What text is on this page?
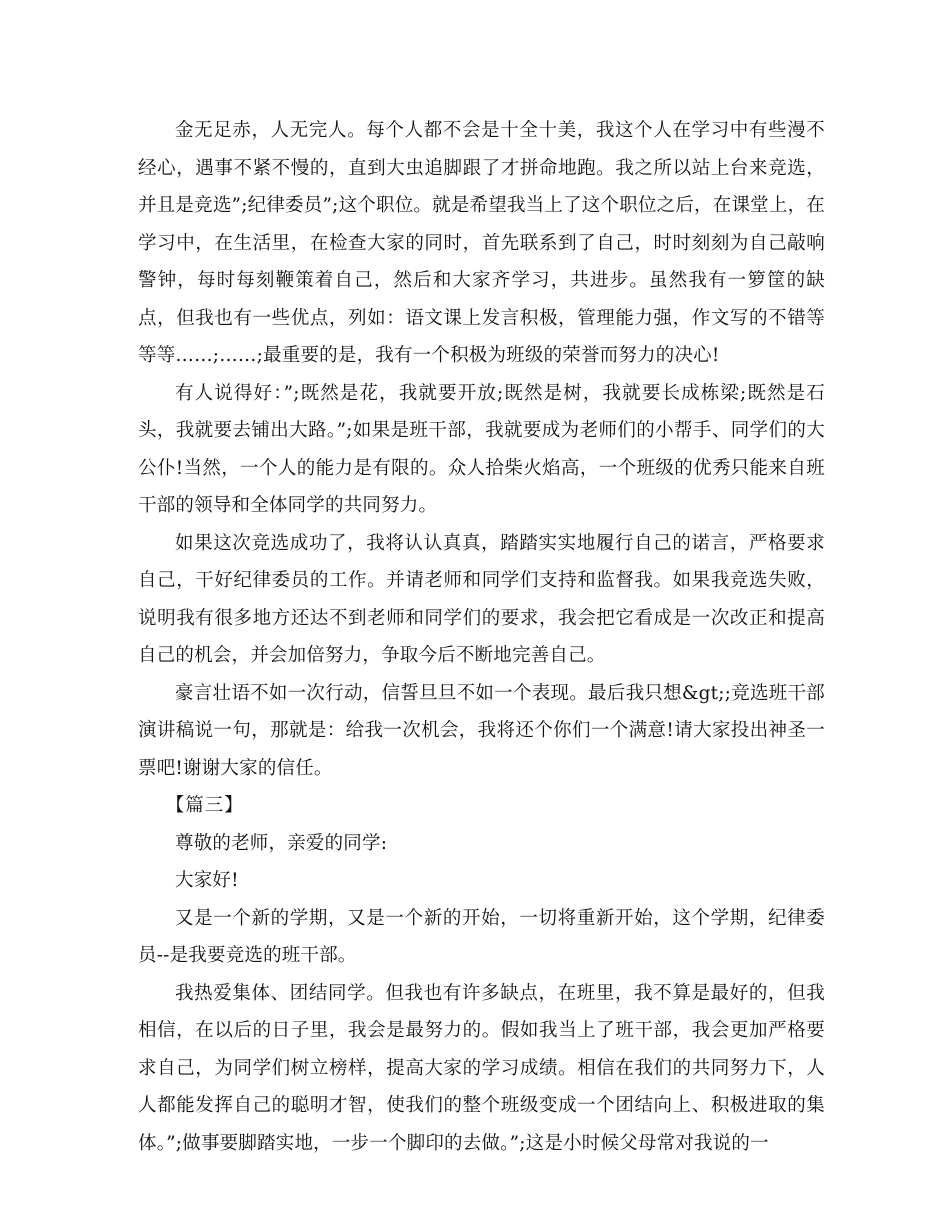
金无足赤，人无完人。每个人都不会是十全十美，我这个人在学习中有些漫不经心，遇事不紧不慢的，直到大虫追脚跟了才拼命地跑。我之所以站上台来竞选，并且是竞选”;纪律委员”;这个职位。就是希望我当上了这个职位之后，在课堂上，在学习中，在生活里，在检查大家的同时，首先联系到了自己，时时刻刻为自己敲响警钟，每时每刻鞭策着自己，然后和大家齐学习，共进步。虽然我有一箩筐的缺点，但我也有一些优点，列如：语文课上发言积极，管理能力强，作文写的不错等等等……;……;最重要的是，我有一个积极为班级的荣誉而努力的决心!

有人说得好：”;既然是花，我就要开放;既然是树，我就要长成栋梁;既然是石头，我就要去铺出大路。”;如果是班干部，我就要成为老师们的小帮手、同学们的大公仆!当然，一个人的能力是有限的。众人拾柴火焰高，一个班级的优秀只能来自班干部的领导和全体同学的共同努力。

如果这次竞选成功了，我将认认真真，踏踏实实地履行自己的诺言，严格要求自己，干好纪律委员的工作。并请老师和同学们支持和监督我。如果我竞选失败，说明我有很多地方还达不到老师和同学们的要求，我会把它看成是一次改正和提高自己的机会，并会加倍努力，争取今后不断地完善自己。

豪言壮语不如一次行动，信誓旦旦不如一个表现。最后我只想&gt;;竞选班干部演讲稿说一句，那就是：给我一次机会，我将还个你们一个满意!请大家投出神圣一票吧!谢谢大家的信任。

【篇三】

尊敬的老师，亲爱的同学:

大家好!

又是一个新的学期，又是一个新的开始，一切将重新开始，这个学期，纪律委员--是我要竞选的班干部。

我热爱集体、团结同学。但我也有许多缺点，在班里，我不算是最好的，但我相信，在以后的日子里，我会是最努力的。假如我当上了班干部，我会更加严格要求自己，为同学们树立榜样，提高大家的学习成绩。相信在我们的共同努力下，人人都能发挥自己的聪明才智，使我们的整个班级变成一个团结向上、积极进取的集体。”;做事要脚踏实地，一步一个脚印的去做。”;这是小时候父母常对我说的一
